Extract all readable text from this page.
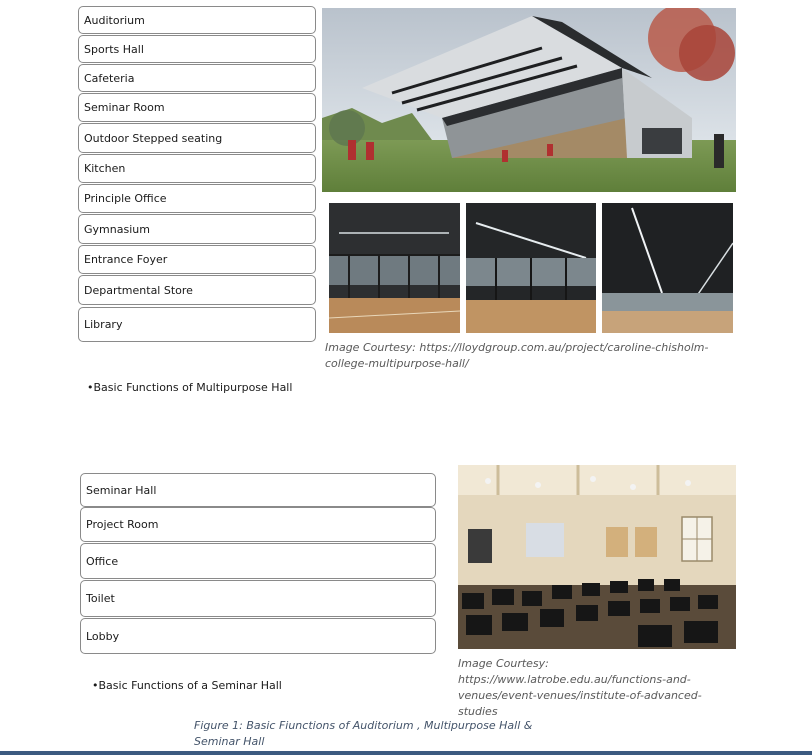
Auditorium
Sports Hall
Cafeteria
Seminar Room
Outdoor Stepped seating
Kitchen
Principle Office
Gymnasium
Entrance Foyer
Departmental Store
Library
Image Courtesy: https://lloydgroup.com.au/project/caroline-chisholm-college-multipurpose-hall/
•Basic Functions of Multipurpose Hall
Seminar Hall
Project Room
Office
Toilet
Lobby
Image Courtesy: https://www.latrobe.edu.au/functions-and-venues/event-venues/institute-of-advanced-studies
•Basic Functions of a Seminar Hall
Figure 1: Basic Fiunctions of Auditorium , Multipurpose Hall & Seminar Hall
